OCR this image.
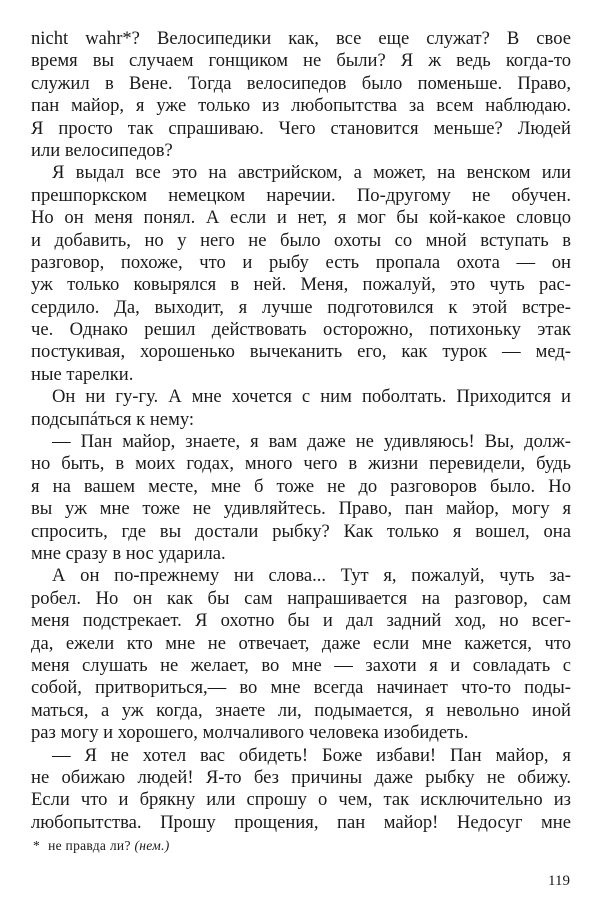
nicht wahr*? Велосипедики как, все еще служат? В свое
время вы случаем гонщиком не были? Я ж ведь когда-то
служил в Вене. Тогда велосипедов было поменьше. Право,
пан майор, я уже только из любопытства за всем наблюдаю.
Я просто так спрашиваю. Чего становится меньше? Людей
или велосипедов?
Я выдал все это на австрийском, а может, на венском или
прешпоркском немецком наречии. По-другому не обучен.
Но он меня понял. А если и нет, я мог бы кой-какое словцо
и добавить, но у него не было охоты со мной вступать в
разговор, похоже, что и рыбу есть пропала охота — он
уж только ковырялся в ней. Меня, пожалуй, это чуть рас-
сердило. Да, выходит, я лучше подготовился к этой встре-
че. Однако решил действовать осторожно, потихоньку этак
постукивая, хорошенько вычеканить его, как турок — мед-
ные тарелки.
Он ни гу-гу. А мне хочется с ним поболтать. Приходится и
подсыпáться к нему:
— Пан майор, знаете, я вам даже не удивляюсь! Вы, долж-
но быть, в моих годах, много чего в жизни перевидели, будь
я на вашем месте, мне б тоже не до разговоров было. Но
вы уж мне тоже не удивляйтесь. Право, пан майор, могу я
спросить, где вы достали рыбку? Как только я вошел, она
мне сразу в нос ударила.
А он по-прежнему ни слова... Тут я, пожалуй, чуть за-
робел. Но он как бы сам напрашивается на разговор, сам
меня подстрекает. Я охотно бы и дал задний ход, но всег-
да, ежели кто мне не отвечает, даже если мне кажется, что
меня слушать не желает, во мне — захоти я и совладать с
собой, притвориться,— во мне всегда начинает что-то поды-
маться, а уж когда, знаете ли, подымается, я невольно иной
раз могу и хорошего, молчаливого человека изобидеть.
— Я не хотел вас обидеть! Боже избави! Пан майор, я
не обижаю людей! Я-то без причины даже рыбку не обижу.
Если что и брякну или спрошу о чем, так исключительно из
любопытства. Прошу прощения, пан майор! Недосуг мне
* не правда ли? (нем.)
119
